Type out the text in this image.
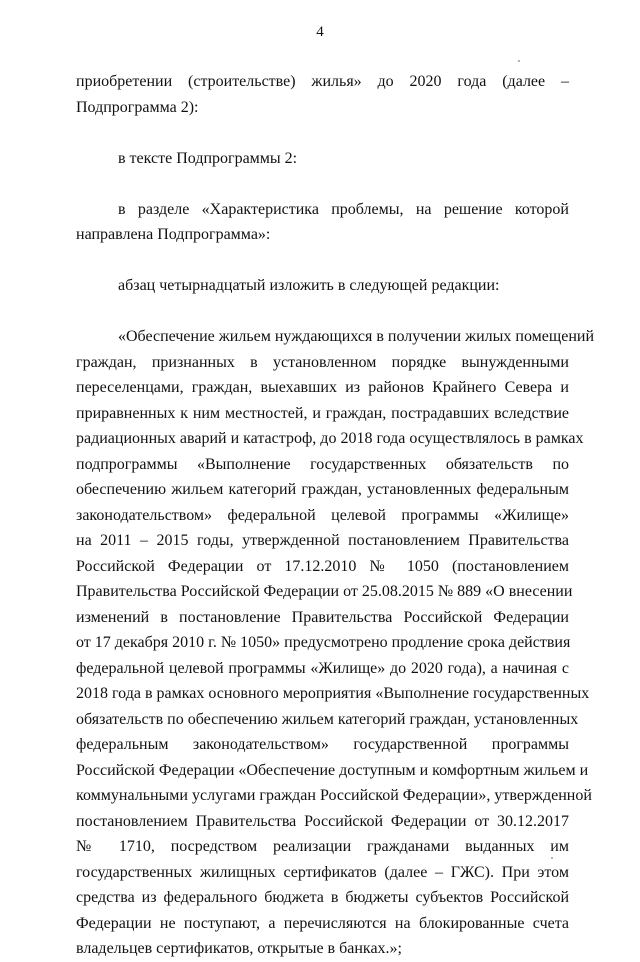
4
приобретении (строительстве) жилья» до 2020 года (далее –
Подпрограмма 2):
в тексте Подпрограммы 2:
в разделе «Характеристика проблемы, на решение которой
направлена Подпрограмма»:
абзац четырнадцатый изложить в следующей редакции:
«Обеспечение жильем нуждающихся в получении жилых помещений
граждан, признанных в установленном порядке вынужденными
переселенцами, граждан, выехавших из районов Крайнего Севера и
приравненных к ним местностей, и граждан, пострадавших вследствие
радиационных аварий и катастроф, до 2018 года осуществлялось в рамках
подпрограммы «Выполнение государственных обязательств по
обеспечению жильем категорий граждан, установленных федеральным
законодательством» федеральной целевой программы «Жилище»
на 2011 – 2015 годы, утвержденной постановлением Правительства
Российской Федерации от 17.12.2010 № 1050 (постановлением
Правительства Российской Федерации от 25.08.2015 № 889 «О внесении
изменений в постановление Правительства Российской Федерации
от 17 декабря 2010 г. № 1050» предусмотрено продление срока действия
федеральной целевой программы «Жилище» до 2020 года), а начиная с
2018 года в рамках основного мероприятия «Выполнение государственных
обязательств по обеспечению жильем категорий граждан, установленных
федеральным законодательством» государственной программы
Российской Федерации «Обеспечение доступным и комфортным жильем и
коммунальными услугами граждан Российской Федерации», утвержденной
постановлением Правительства Российской Федерации от 30.12.2017
№ 1710, посредством реализации гражданами выданных им
государственных жилищных сертификатов (далее – ГЖС). При этом
средства из федерального бюджета в бюджеты субъектов Российской
Федерации не поступают, а перечисляются на блокированные счета
владельцев сертификатов, открытые в банках.»;
